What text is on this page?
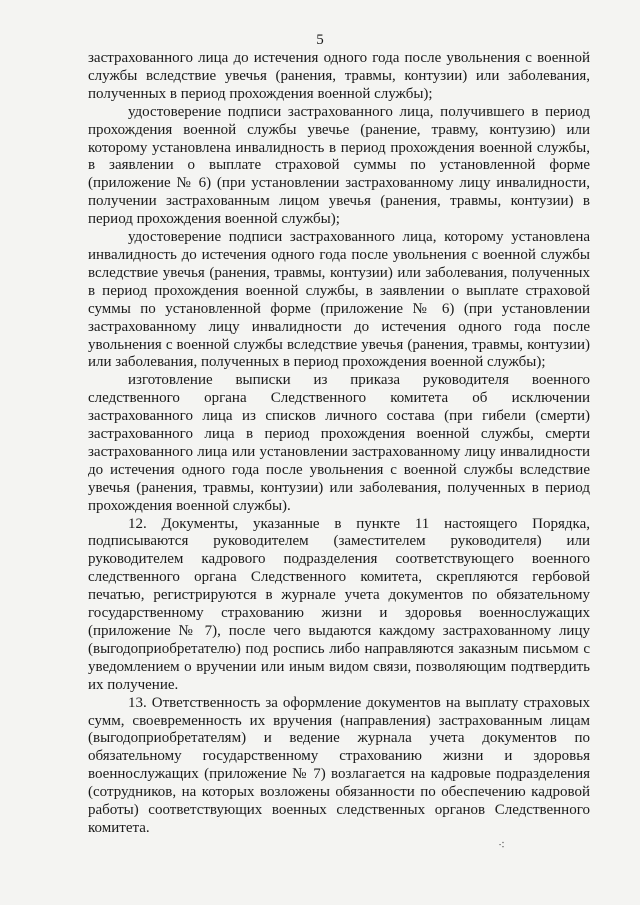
5

застрахованного лица до истечения одного года после увольнения с военной службы вследствие увечья (ранения, травмы, контузии) или заболевания, полученных в период прохождения военной службы);

удостоверение подписи застрахованного лица, получившего в период прохождения военной службы увечье (ранение, травму, контузию) или которому установлена инвалидность в период прохождения военной службы, в заявлении о выплате страховой суммы по установленной форме (приложение № 6) (при установлении застрахованному лицу инвалидности, получении застрахованным лицом увечья (ранения, травмы, контузии) в период прохождения военной службы);

удостоверение подписи застрахованного лица, которому установлена инвалидность до истечения одного года после увольнения с военной службы вследствие увечья (ранения, травмы, контузии) или заболевания, полученных в период прохождения военной службы, в заявлении о выплате страховой суммы по установленной форме (приложение № 6) (при установлении застрахованному лицу инвалидности до истечения одного года после увольнения с военной службы вследствие увечья (ранения, травмы, контузии) или заболевания, полученных в период прохождения военной службы);

изготовление выписки из приказа руководителя военного следственного органа Следственного комитета об исключении застрахованного лица из списков личного состава (при гибели (смерти) застрахованного лица в период прохождения военной службы, смерти застрахованного лица или установлении застрахованному лицу инвалидности до истечения одного года после увольнения с военной службы вследствие увечья (ранения, травмы, контузии) или заболевания, полученных в период прохождения военной службы).

12. Документы, указанные в пункте 11 настоящего Порядка, подписываются руководителем (заместителем руководителя) или руководителем кадрового подразделения соответствующего военного следственного органа Следственного комитета, скрепляются гербовой печатью, регистрируются в журнале учета документов по обязательному государственному страхованию жизни и здоровья военнослужащих (приложение № 7), после чего выдаются каждому застрахованному лицу (выгодоприобретателю) под роспись либо направляются заказным письмом с уведомлением о вручении или иным видом связи, позволяющим подтвердить их получение.

13. Ответственность за оформление документов на выплату страховых сумм, своевременность их вручения (направления) застрахованным лицам (выгодоприобретателям) и ведение журнала учета документов по обязательному государственному страхованию жизни и здоровья военнослужащих (приложение № 7) возлагается на кадровые подразделения (сотрудников, на которых возложены обязанности по обеспечению кадровой работы) соответствующих военных следственных органов Следственного комитета.

⁖
